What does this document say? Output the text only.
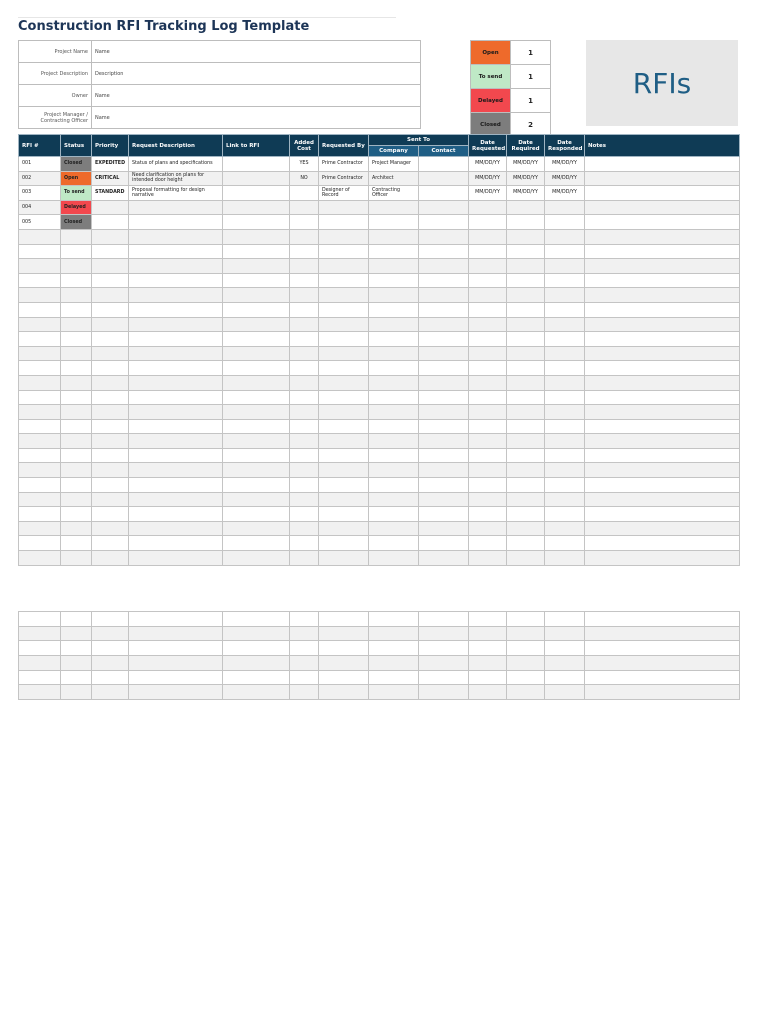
Construction RFI Tracking Log Template
Project Name	Name
Project Description	Description
Owner	Name
Project Manager / Contracting Officer	Name
Open	1
To send	1
Delayed	1
Closed	2
RFIs
RFI #	Status	Priority	Request Description	Link to RFI	Added Cost	Requested By	Sent To		Date Requested	Date Required	Date Responded	Notes
							Company	Contact				
001	Closed	EXPEDITED	Status of plans and specifications		YES	Prime Contractor	Project Manager		MM/DD/YY	MM/DD/YY	MM/DD/YY	
002	Open	CRITICAL	Need clarification on plans for intended door height		NO	Prime Contractor	Architect		MM/DD/YY	MM/DD/YY	MM/DD/YY	
003	To send	STANDARD	Proposal formatting for design narrative			Designer of Record	Contracting Officer		MM/DD/YY	MM/DD/YY	MM/DD/YY	
004	Delayed											
005	Closed											
